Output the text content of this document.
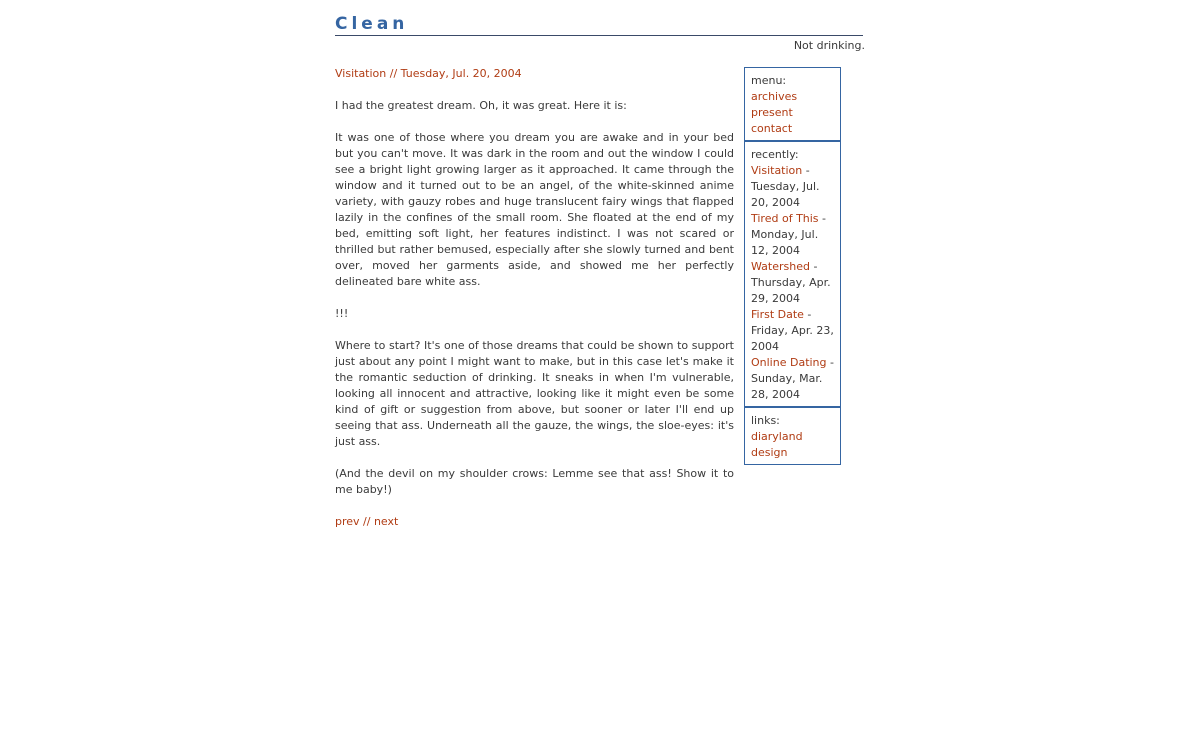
Clean
Not drinking.
Visitation // Tuesday, Jul. 20, 2004

I had the greatest dream. Oh, it was great. Here it is:

It was one of those where you dream you are awake and in your bed but you can't move. It was dark in the room and out the window I could see a bright light growing larger as it approached. It came through the window and it turned out to be an angel, of the white-skinned anime variety, with gauzy robes and huge translucent fairy wings that flapped lazily in the confines of the small room. She floated at the end of my bed, emitting soft light, her features indistinct. I was not scared or thrilled but rather bemused, especially after she slowly turned and bent over, moved her garments aside, and showed me her perfectly delineated bare white ass.

!!!

Where to start? It's one of those dreams that could be shown to support just about any point I might want to make, but in this case let's make it the romantic seduction of drinking. It sneaks in when I'm vulnerable, looking all innocent and attractive, looking like it might even be some kind of gift or suggestion from above, but sooner or later I'll end up seeing that ass. Underneath all the gauze, the wings, the sloe-eyes: it's just ass.

(And the devil on my shoulder crows: Lemme see that ass! Show it to me baby!)

prev // next
menu:
archives
present
contact
recently:
Visitation - Tuesday, Jul. 20, 2004
Tired of This - Monday, Jul. 12, 2004
Watershed - Thursday, Apr. 29, 2004
First Date - Friday, Apr. 23, 2004
Online Dating - Sunday, Mar. 28, 2004
links:
diaryland
design
